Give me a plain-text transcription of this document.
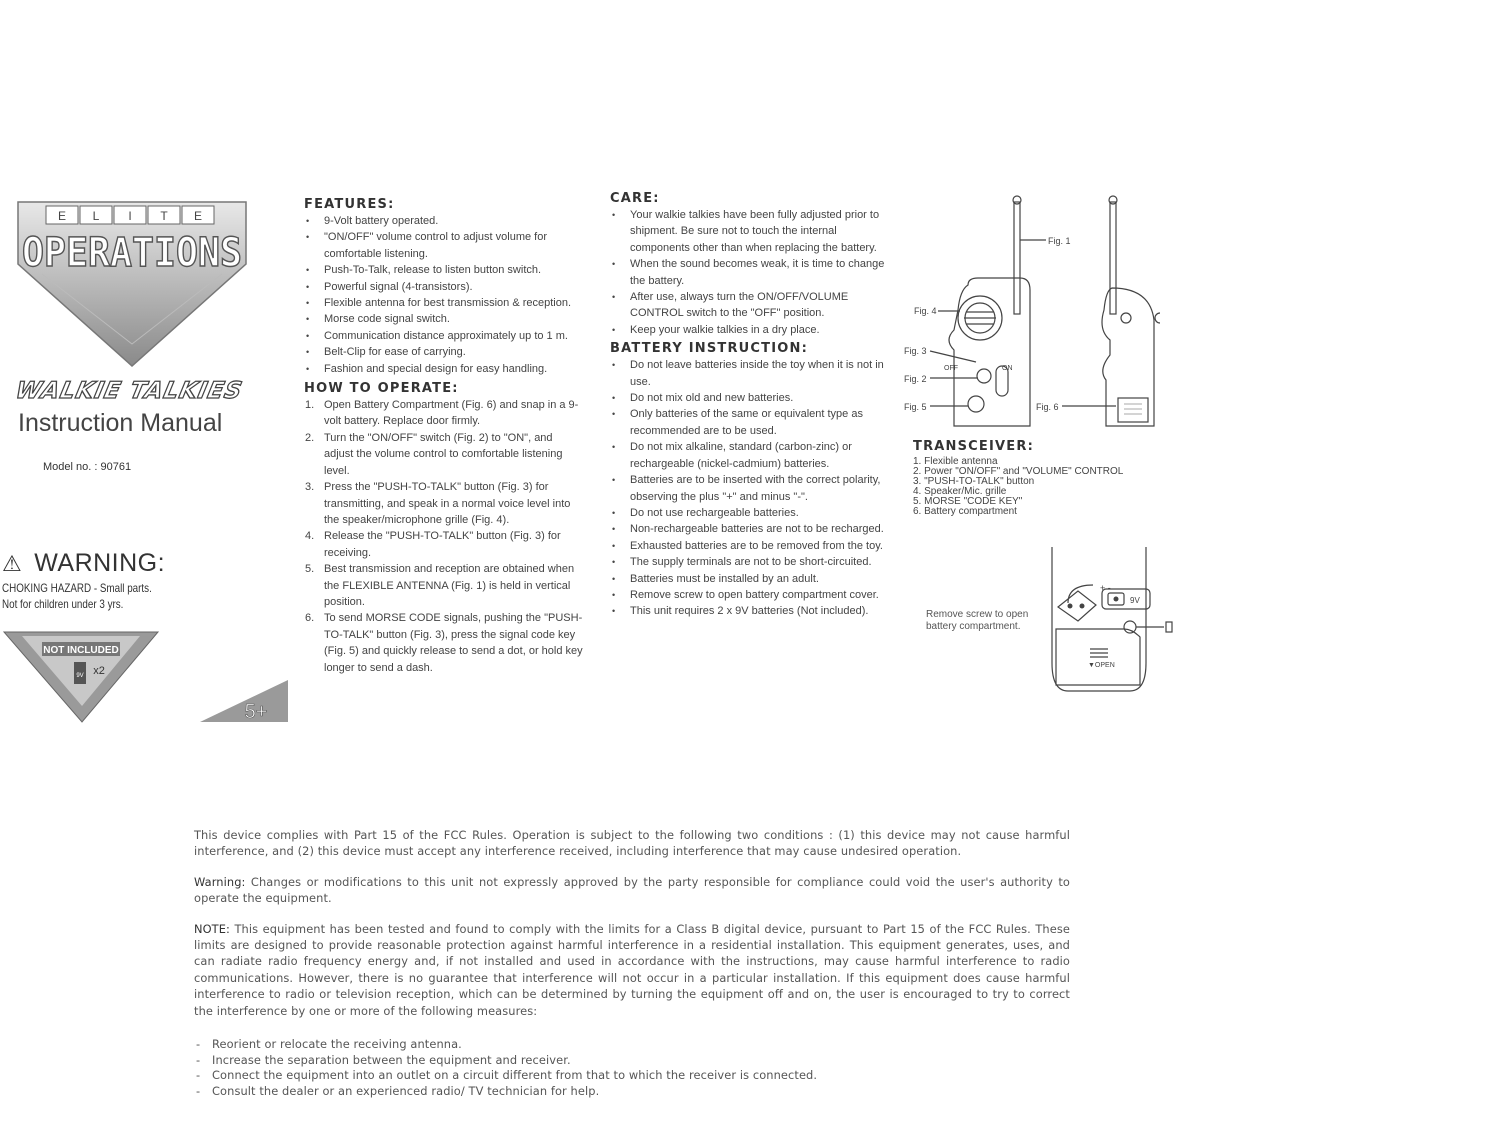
E L I T E
OPERATIONS
WALKIE TALKIES
Instruction Manual
Model no. : 90761
⚠ WARNING:
CHOKING HAZARD - Small parts.
Not for children under 3 yrs.
NOT INCLUDED
9V x2
5+
FEATURES:
• 9-Volt battery operated.
• "ON/OFF" volume control to adjust volume for comfortable listening.
• Push-To-Talk, release to listen button switch.
• Powerful signal (4-transistors).
• Flexible antenna for best transmission & reception.
• Morse code signal switch.
• Communication distance approximately up to 1 m.
• Belt-Clip for ease of carrying.
• Fashion and special design for easy handling.
HOW TO OPERATE:
1. Open Battery Compartment (Fig. 6) and snap in a 9-volt battery. Replace door firmly.
2. Turn the "ON/OFF" switch (Fig. 2) to "ON", and adjust the volume control to comfortable listening level.
3. Press the "PUSH-TO-TALK" button (Fig. 3) for transmitting, and speak in a normal voice level into the speaker/microphone grille (Fig. 4).
4. Release the "PUSH-TO-TALK" button (Fig. 3) for receiving.
5. Best transmission and reception are obtained when the FLEXIBLE ANTENNA (Fig. 1) is held in vertical position.
6. To send MORSE CODE signals, pushing the "PUSH-TO-TALK" button (Fig. 3), press the signal code key (Fig. 5) and quickly release to send a dot, or hold key longer to send a dash.
CARE:
• Your walkie talkies have been fully adjusted prior to shipment. Be sure not to touch the internal components other than when replacing the battery.
• When the sound becomes weak, it is time to change the battery.
• After use, always turn the ON/OFF/VOLUME CONTROL switch to the "OFF" position.
• Keep your walkie talkies in a dry place.
BATTERY INSTRUCTION:
• Do not leave batteries inside the toy when it is not in use.
• Do not mix old and new batteries.
• Only batteries of the same or equivalent type as recommended are to be used.
• Do not mix alkaline, standard (carbon-zinc) or rechargeable (nickel-cadmium) batteries.
• Batteries are to be inserted with the correct polarity, observing the plus "+" and minus "-".
• Do not use rechargeable batteries.
• Non-rechargeable batteries are not to be recharged.
• Exhausted batteries are to be removed from the toy.
• The supply terminals are not to be short-circuited.
• Batteries must be installed by an adult.
• Remove screw to open battery compartment cover.
• This unit requires 2 x 9V batteries (Not included).
Fig. 1
Fig. 4
Fig. 3
Fig. 2
Fig. 5	Fig. 6
OFF	ON
TRANSCEIVER:
1. Flexible antenna
2. Power "ON/OFF" and "VOLUME" CONTROL
3. "PUSH-TO-TALK" button
4. Speaker/Mic. grille
5. MORSE "CODE KEY"
6. Battery compartment
+ -
9V
▼OPEN
Remove screw to open battery compartment.

This device complies with Part 15 of the FCC Rules. Operation is subject to the following two conditions : (1) this device may not cause harmful interference, and (2) this device must accept any interference received, including interference that may cause undesired operation.

Warning: Changes or modifications to this unit not expressly approved by the party responsible for compliance could void the user's authority to operate the equipment.

NOTE: This equipment has been tested and found to comply with the limits for a Class B digital device, pursuant to Part 15 of the FCC Rules. These limits are designed to provide reasonable protection against harmful interference in a residential installation. This equipment generates, uses, and can radiate radio frequency energy and, if not installed and used in accordance with the instructions, may cause harmful interference to radio communications. However, there is no guarantee that interference will not occur in a particular installation. If this equipment does cause harmful interference to radio or television reception, which can be determined by turning the equipment off and on, the user is encouraged to try to correct the interference by one or more of the following measures:

- Reorient or relocate the receiving antenna.
- Increase the separation between the equipment and receiver.
- Connect the equipment into an outlet on a circuit different from that to which the receiver is connected.
- Consult the dealer or an experienced radio/ TV technician for help.
